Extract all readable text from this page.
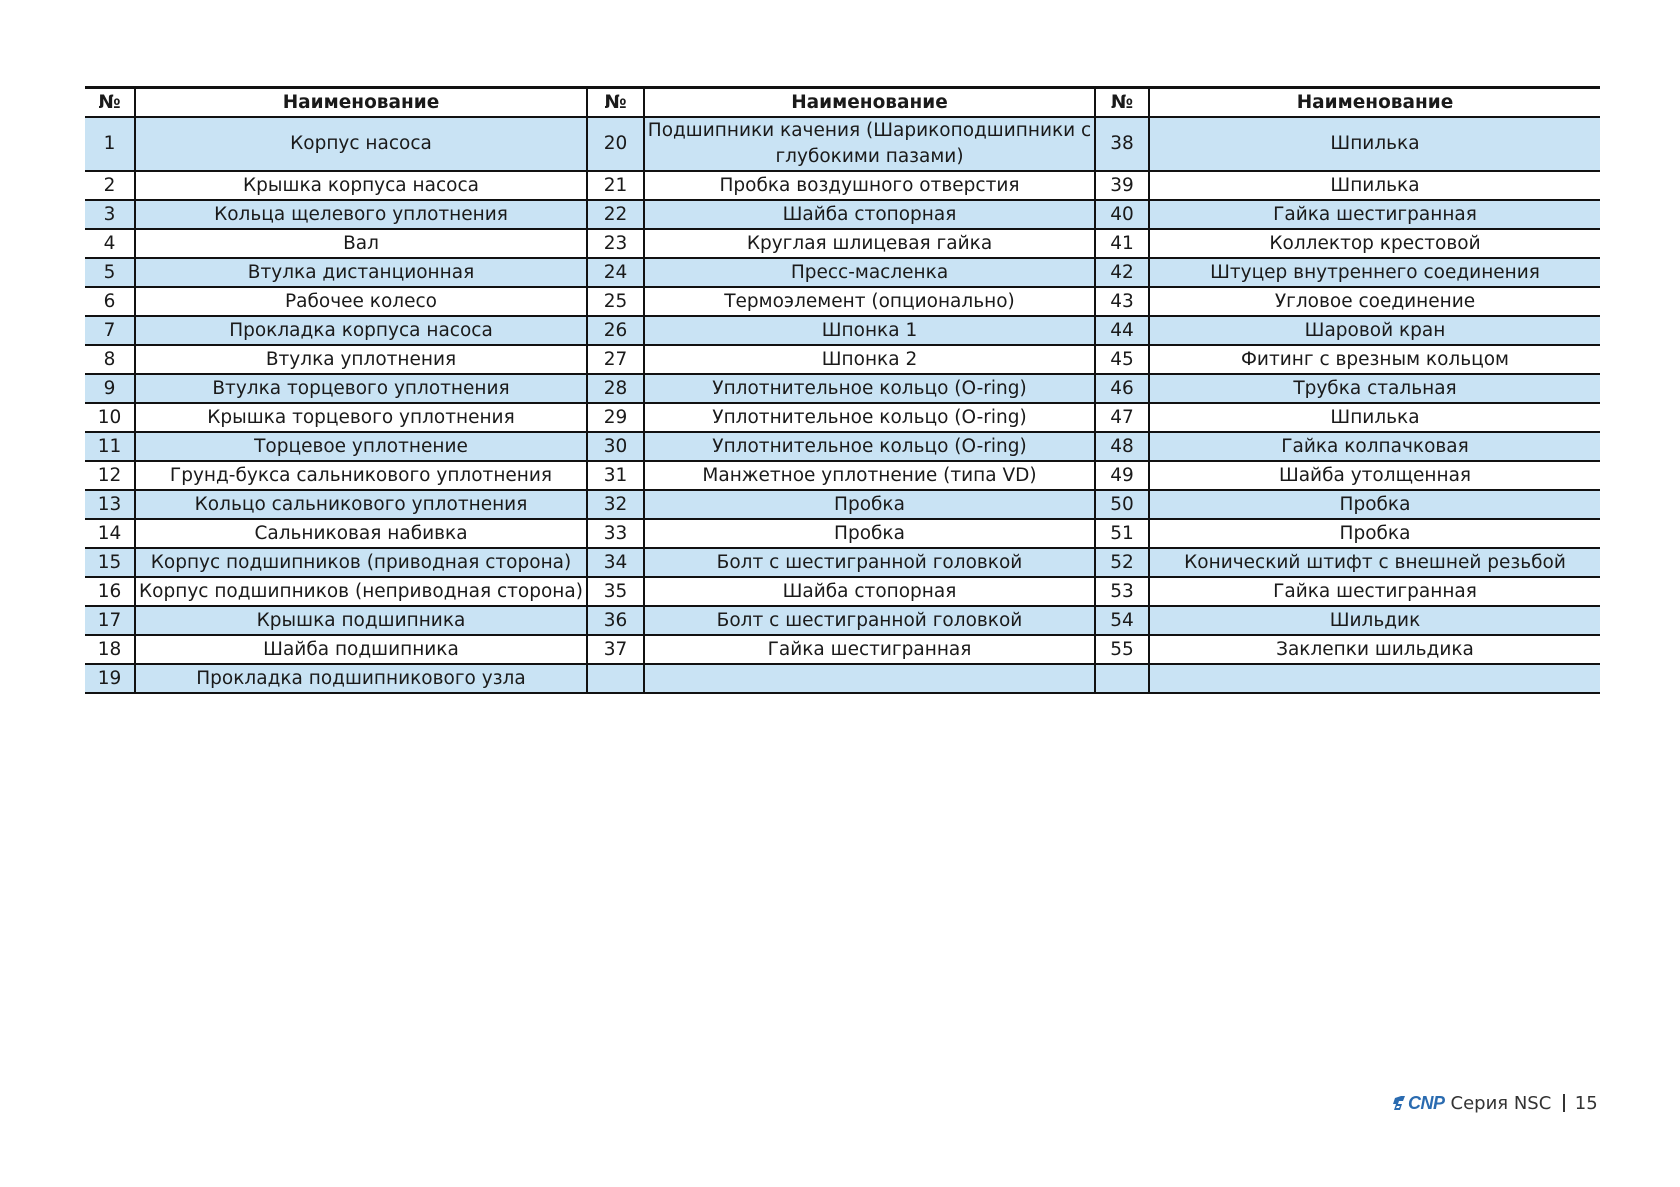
№	Наименование	№	Наименование	№	Наименование
1	Корпус насоса	20	Подшипники качения (Шарикоподшипники с глубокими пазами)	38	Шпилька
2	Крышка корпуса насоса	21	Пробка воздушного отверстия	39	Шпилька
3	Кольца щелевого уплотнения	22	Шайба стопорная	40	Гайка шестигранная
4	Вал	23	Круглая шлицевая гайка	41	Коллектор крестовой
5	Втулка дистанционная	24	Пресс-масленка	42	Штуцер внутреннего соединения
6	Рабочее колесо	25	Термоэлемент (опционально)	43	Угловое соединение
7	Прокладка корпуса насоса	26	Шпонка 1	44	Шаровой кран
8	Втулка уплотнения	27	Шпонка 2	45	Фитинг с врезным кольцом
9	Втулка торцевого уплотнения	28	Уплотнительное кольцо (O-ring)	46	Трубка стальная
10	Крышка торцевого уплотнения	29	Уплотнительное кольцо (O-ring)	47	Шпилька
11	Торцевое уплотнение	30	Уплотнительное кольцо (O-ring)	48	Гайка колпачковая
12	Грунд-букса сальникового уплотнения	31	Манжетное уплотнение (типа VD)	49	Шайба утолщенная
13	Кольцо сальникового уплотнения	32	Пробка	50	Пробка
14	Сальниковая набивка	33	Пробка	51	Пробка
15	Корпус подшипников (приводная сторона)	34	Болт с шестигранной головкой	52	Конический штифт с внешней резьбой
16	Корпус подшипников (неприводная сторона)	35	Шайба стопорная	53	Гайка шестигранная
17	Крышка подшипника	36	Болт с шестигранной головкой	54	Шильдик
18	Шайба подшипника	37	Гайка шестигранная	55	Заклепки шильдика
19	Прокладка подшипникового узла				
CNP Серия NSC 15
